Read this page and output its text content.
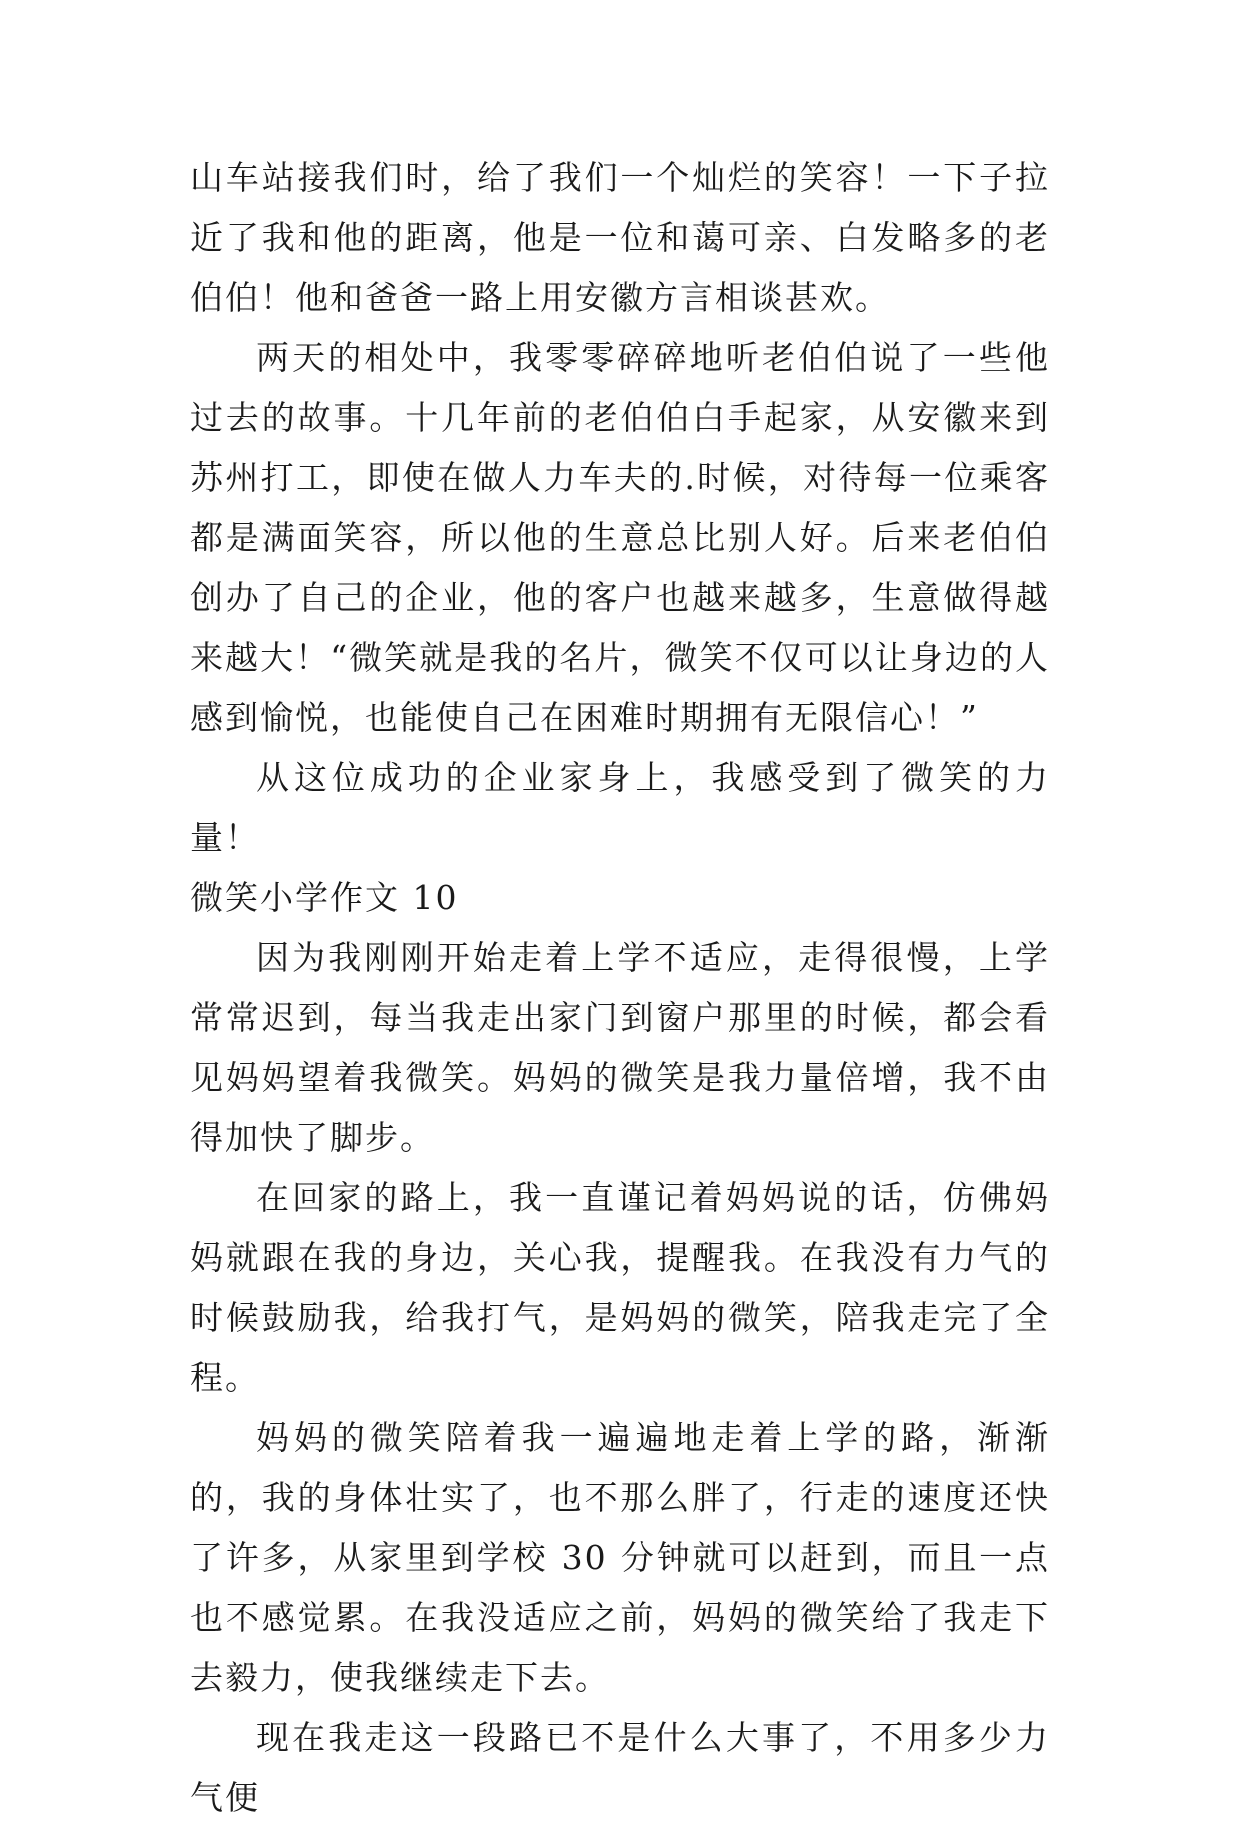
山车站接我们时，给了我们一个灿烂的笑容！一下子拉近了我和他的距离，他是一位和蔼可亲、白发略多的老伯伯！他和爸爸一路上用安徽方言相谈甚欢。

两天的相处中，我零零碎碎地听老伯伯说了一些他过去的故事。十几年前的老伯伯白手起家，从安徽来到苏州打工，即使在做人力车夫的.时候，对待每一位乘客都是满面笑容，所以他的生意总比别人好。后来老伯伯创办了自己的企业，他的客户也越来越多，生意做得越来越大！“微笑就是我的名片，微笑不仅可以让身边的人感到愉悦，也能使自己在困难时期拥有无限信心！”

从这位成功的企业家身上，我感受到了微笑的力量！

微笑小学作文 10

因为我刚刚开始走着上学不适应，走得很慢，上学常常迟到，每当我走出家门到窗户那里的时候，都会看见妈妈望着我微笑。妈妈的微笑是我力量倍增，我不由得加快了脚步。

在回家的路上，我一直谨记着妈妈说的话，仿佛妈妈就跟在我的身边，关心我，提醒我。在我没有力气的时候鼓励我，给我打气，是妈妈的微笑，陪我走完了全程。

妈妈的微笑陪着我一遍遍地走着上学的路，渐渐的，我的身体壮实了，也不那么胖了，行走的速度还快了许多，从家里到学校 30 分钟就可以赶到，而且一点也不感觉累。在我没适应之前，妈妈的微笑给了我走下去毅力，使我继续走下去。

现在我走这一段路已不是什么大事了，不用多少力气便
